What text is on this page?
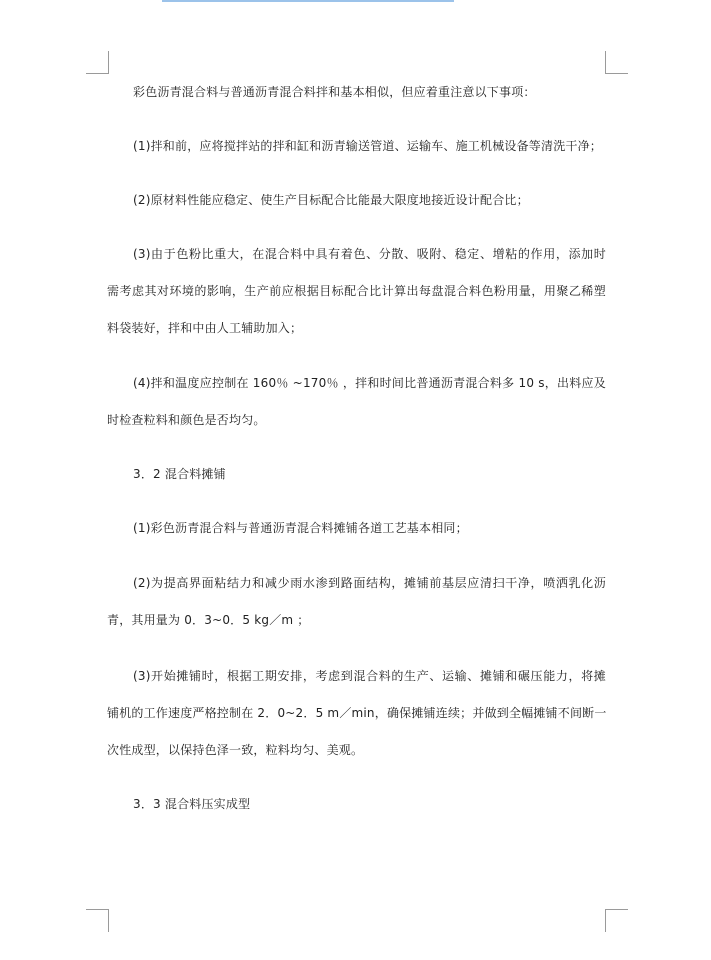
彩色沥青混合料与普通沥青混合料拌和基本相似，但应着重注意以下事项：
(1)拌和前，应将搅拌站的拌和缸和沥青输送管道、运输车、施工机械设备等清洗干净；
(2)原材料性能应稳定、使生产目标配合比能最大限度地接近设计配合比；
(3)由于色粉比重大，在混合料中具有着色、分散、吸附、稳定、增粘的作用，添加时
需考虑其对环境的影响，生产前应根据目标配合比计算出每盘混合料色粉用量，用聚乙稀塑
料袋装好，拌和中由人工辅助加入；
(4)拌和温度应控制在 160％ ~170％ ，拌和时间比普通沥青混合料多 10 s，出料应及
时检查粒料和颜色是否均匀。
3．2 混合料摊铺
(1)彩色沥青混合料与普通沥青混合料摊铺各道工艺基本相同；
(2)为提高界面粘结力和减少雨水渗到路面结构，摊铺前基层应清扫干净，喷洒乳化沥
青，其用量为 0．3~0．5 kg／m ；
(3)开始摊铺时，根据工期安排，考虑到混合料的生产、运输、摊铺和碾压能力，将摊
铺机的工作速度严格控制在 2．0~2．5 m／min，确保摊铺连续；并做到全幅摊铺不间断一
次性成型，以保持色泽一致，粒料均匀、美观。
3．3 混合料压实成型
